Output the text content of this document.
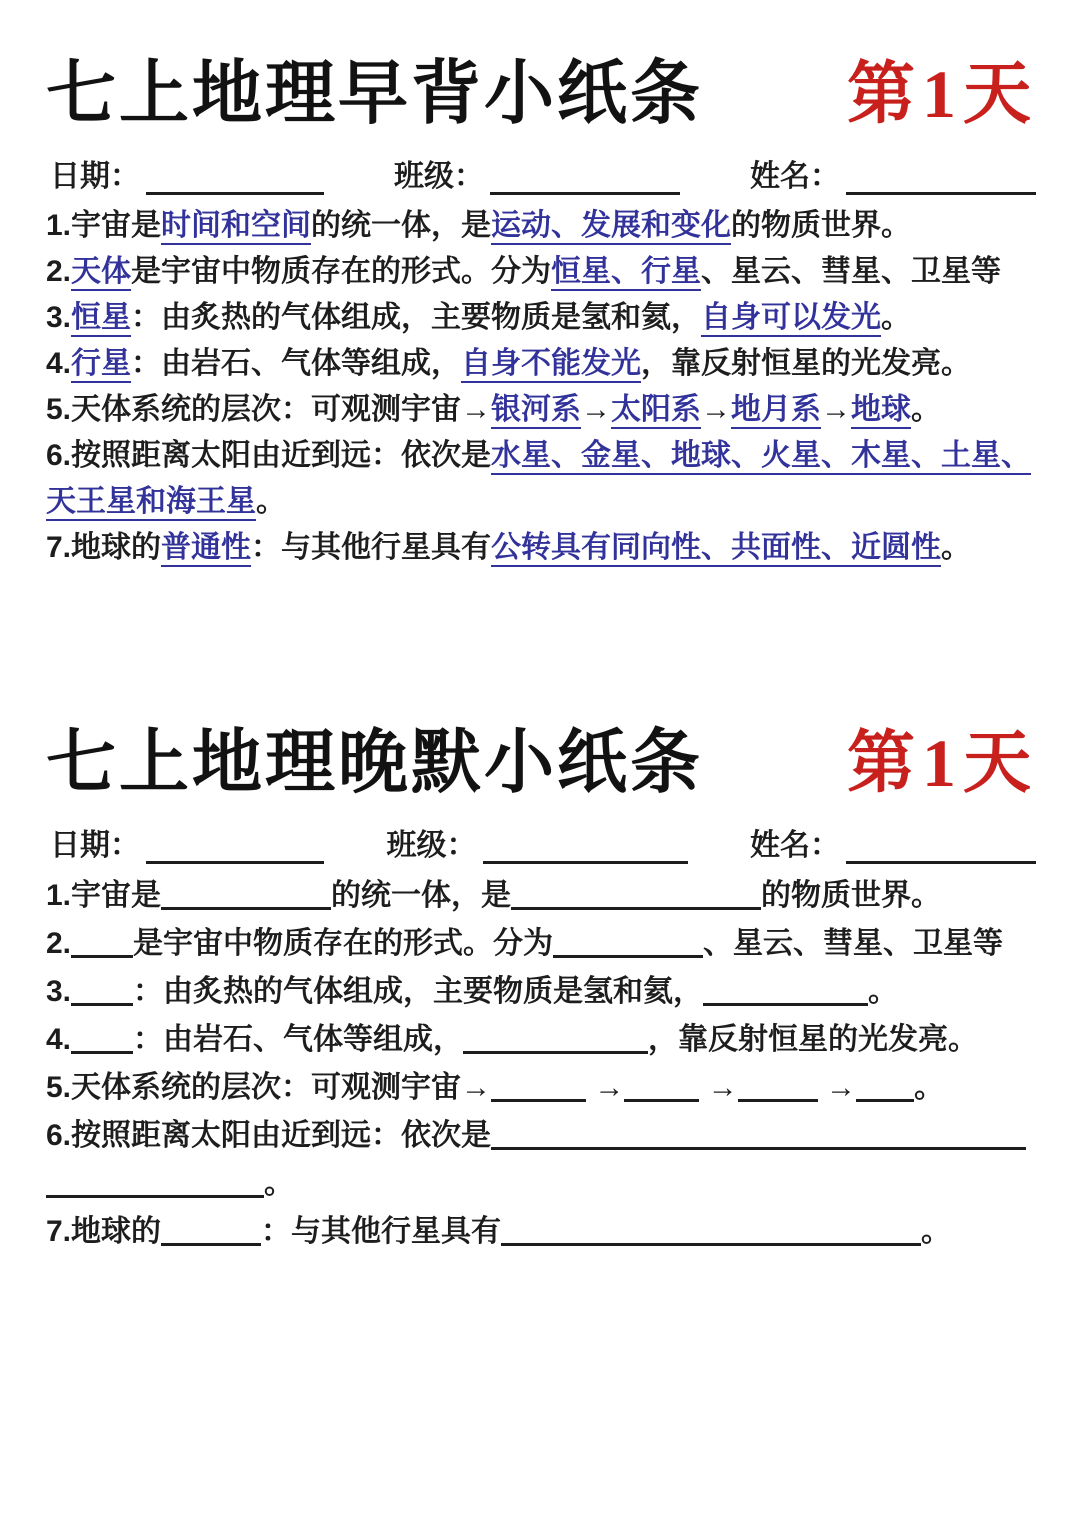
七上地理早背小纸条 第1天
日期：	班级：	姓名：
1.宇宙是时间和空间的统一体，是运动、发展和变化的物质世界。
2.天体是宇宙中物质存在的形式。分为恒星、行星、星云、彗星、卫星等
3.恒星：由炙热的气体组成，主要物质是氢和氦，自身可以发光。
4.行星：由岩石、气体等组成，自身不能发光，靠反射恒星的光发亮。
5.天体系统的层次：可观测宇宙→银河系→太阳系→地月系→地球。
6.按照距离太阳由近到远：依次是水星、金星、地球、火星、木星、土星、
天王星和海王星。
7.地球的普通性：与其他行星具有公转具有同向性、共面性、近圆性。
七上地理晚默小纸条 第1天
日期：	班级：	姓名：
1.宇宙是	的统一体，是	的物质世界。
2. 是宇宙中物质存在的形式。分为	、星云、彗星、卫星等
3. ：由炙热的气体组成，主要物质是氢和氦，	。
4. ：由岩石、气体等组成，	，靠反射恒星的光发亮。
5.天体系统的层次：可观测宇宙→	→	→	→ 。
6.按照距离太阳由近到远：依次是
。
7.地球的	：与其他行星具有	。
